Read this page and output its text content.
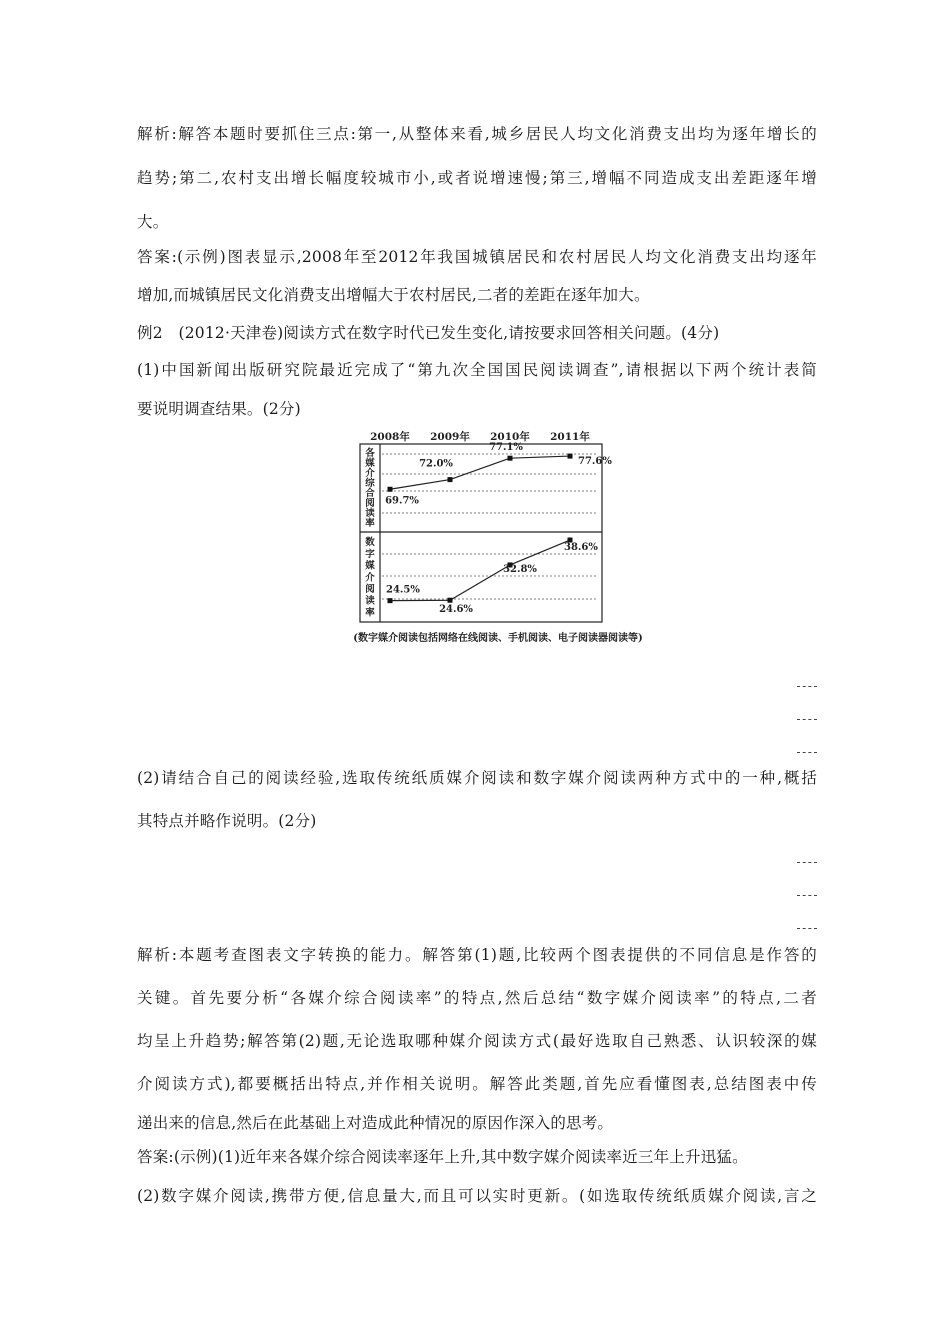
解析:解答本题时要抓住三点:第一,从整体来看,城乡居民人均文化消费支出均为逐年增长的
趋势;第二,农村支出增长幅度较城市小,或者说增速慢;第三,增幅不同造成支出差距逐年增
大。
答案:(示例)图表显示,2008年至2012年我国城镇居民和农村居民人均文化消费支出均逐年
增加,而城镇居民文化消费支出增幅大于农村居民,二者的差距在逐年加大。
例2　(2012·天津卷)阅读方式在数字时代已发生变化,请按要求回答相关问题。(4分)
(1)中国新闻出版研究院最近完成了“第九次全国国民阅读调查”,请根据以下两个统计表简
要说明调查结果。(2分)
2008年 2009年 2010年 2011年
各媒介综合阅读率
数字媒介阅读率
69.7%
72.0%
77.1%
77.6%
24.5%
24.6%
32.8%
38.6%
(数字媒介阅读包括网络在线阅读、手机阅读、电子阅读器阅读等)
(2)请结合自己的阅读经验,选取传统纸质媒介阅读和数字媒介阅读两种方式中的一种,概括
其特点并略作说明。(2分)
解析:本题考查图表文字转换的能力。解答第(1)题,比较两个图表提供的不同信息是作答的
关键。首先要分析“各媒介综合阅读率”的特点,然后总结“数字媒介阅读率”的特点,二者
均呈上升趋势;解答第(2)题,无论选取哪种媒介阅读方式(最好选取自己熟悉、认识较深的媒
介阅读方式),都要概括出特点,并作相关说明。解答此类题,首先应看懂图表,总结图表中传
递出来的信息,然后在此基础上对造成此种情况的原因作深入的思考。
答案:(示例)(1)近年来各媒介综合阅读率逐年上升,其中数字媒介阅读率近三年上升迅猛。
(2)数字媒介阅读,携带方便,信息量大,而且可以实时更新。(如选取传统纸质媒介阅读,言之
